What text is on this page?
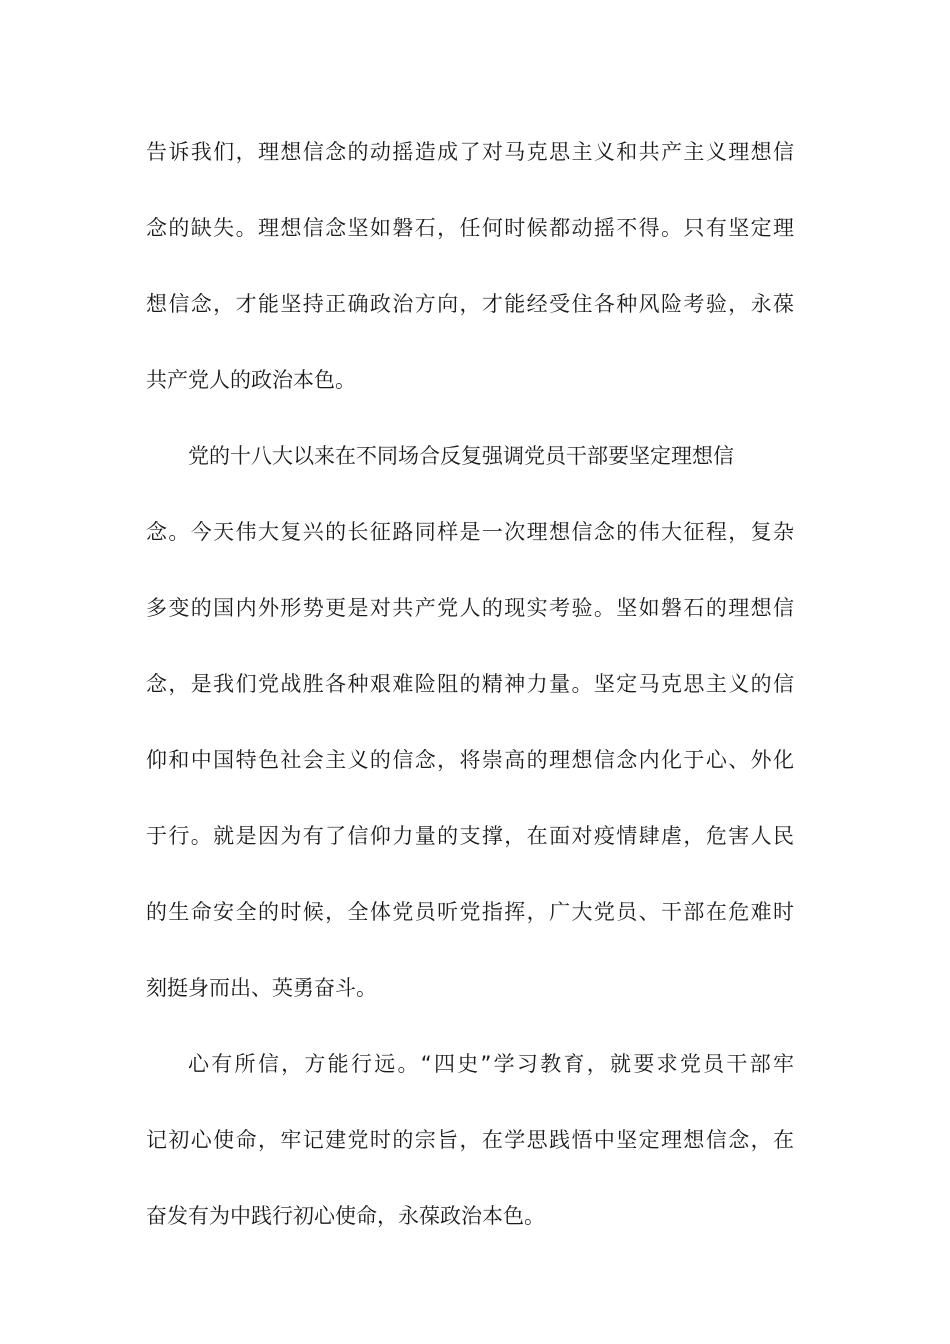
告诉我们，理想信念的动摇造成了对马克思主义和共产主义理想信
念的缺失。理想信念坚如磐石，任何时候都动摇不得。只有坚定理
想信念，才能坚持正确政治方向，才能经受住各种风险考验，永葆
共产党人的政治本色。
党的十八大以来在不同场合反复强调党员干部要坚定理想信
念。今天伟大复兴的长征路同样是一次理想信念的伟大征程，复杂
多变的国内外形势更是对共产党人的现实考验。坚如磐石的理想信
念，是我们党战胜各种艰难险阻的精神力量。坚定马克思主义的信
仰和中国特色社会主义的信念，将崇高的理想信念内化于心、外化
于行。就是因为有了信仰力量的支撑，在面对疫情肆虐，危害人民
的生命安全的时候，全体党员听党指挥，广大党员、干部在危难时
刻挺身而出、英勇奋斗。
心有所信，方能行远。“四史”学习教育，就要求党员干部牢
记初心使命，牢记建党时的宗旨，在学思践悟中坚定理想信念，在
奋发有为中践行初心使命，永葆政治本色。
